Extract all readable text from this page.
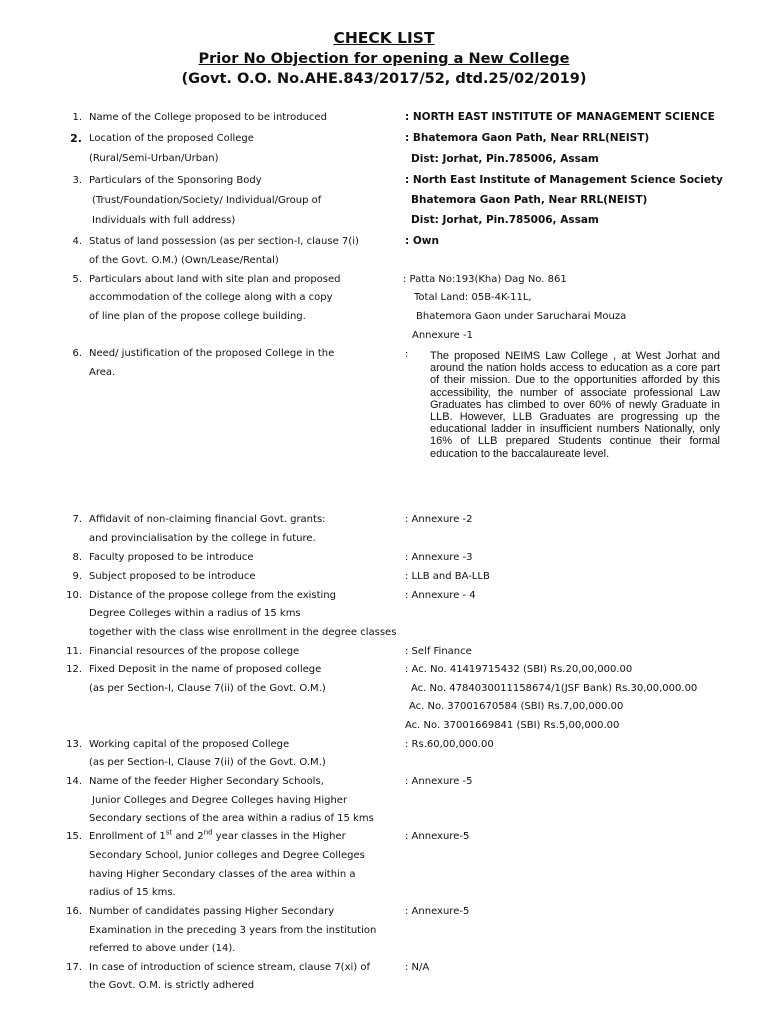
CHECK LIST
Prior No Objection for opening a New College
(Govt. O.O. No.AHE.843/2017/52, dtd.25/02/2019)
1. Name of the College proposed to be introduced	: NORTH EAST INSTITUTE OF MANAGEMENT SCIENCE
2. Location of the proposed College
(Rural/Semi-Urban/Urban)
: Bhatemora Gaon Path, Near RRL(NEIST)
Dist: Jorhat, Pin.785006, Assam
3. Particulars of the Sponsoring Body
(Trust/Foundation/Society/ Individual/Group of
Individuals with full address)
: North East Institute of Management Science Society
Bhatemora Gaon Path, Near RRL(NEIST)
Dist: Jorhat, Pin.785006, Assam
4. Status of land possession (as per section-I, clause 7(i)
of the Govt. O.M.) (Own/Lease/Rental)
: Own
5. Particulars about land with site plan and proposed
accommodation of the college along with a copy
of line plan of the propose college building.
: Patta No:193(Kha) Dag No. 861
Total Land: 05B-4K-11L,
Bhatemora Gaon under Sarucharai Mouza
Annexure -1
6. Need/ justification of the proposed College in the
Area.
: The proposed NEIMS Law College , at West Jorhat and around the nation holds access to education as a core part of their mission. Due to the opportunities afforded by this accessibility, the number of associate professional Law Graduates has climbed to over 60% of newly Graduate in LLB. However, LLB Graduates are progressing up the educational ladder in insufficient numbers Nationally, only 16% of LLB prepared Students continue their formal education to the baccalaureate level.

7. Affidavit of non-claiming financial Govt. grants:
and provincialisation by the college in future.
: Annexure -2
8. Faculty proposed to be introduce	: Annexure -3
9. Subject proposed to be introduce	: LLB and BA-LLB
10. Distance of the propose college from the existing
Degree Colleges within a radius of 15 kms
together with the class wise enrollment in the degree classes
: Annexure - 4
11. Financial resources of the propose college	: Self Finance
12. Fixed Deposit in the name of proposed college
(as per Section-I, Clause 7(ii) of the Govt. O.M.)
: Ac. No. 41419715432 (SBI) Rs.20,00,000.00
Ac. No. 4784030011158674/1(JSF Bank) Rs.30,00,000.00
Ac. No. 37001670584 (SBI) Rs.7,00,000.00
Ac. No. 37001669841 (SBI) Rs.5,00,000.00
13. Working capital of the proposed College
(as per Section-I, Clause 7(ii) of the Govt. O.M.)
: Rs.60,00,000.00
14. Name of the feeder Higher Secondary Schools,
Junior Colleges and Degree Colleges having Higher
Secondary sections of the area within a radius of 15 kms
: Annexure -5
15. Enrollment of 1st and 2nd year classes in the Higher
Secondary School, Junior colleges and Degree Colleges
having Higher Secondary classes of the area within a
radius of 15 kms.
: Annexure-5
16. Number of candidates passing Higher Secondary
Examination in the preceding 3 years from the institution
referred to above under (14).
: Annexure-5
17. In case of introduction of science stream, clause 7(xi) of
the Govt. O.M. is strictly adhered
: N/A
